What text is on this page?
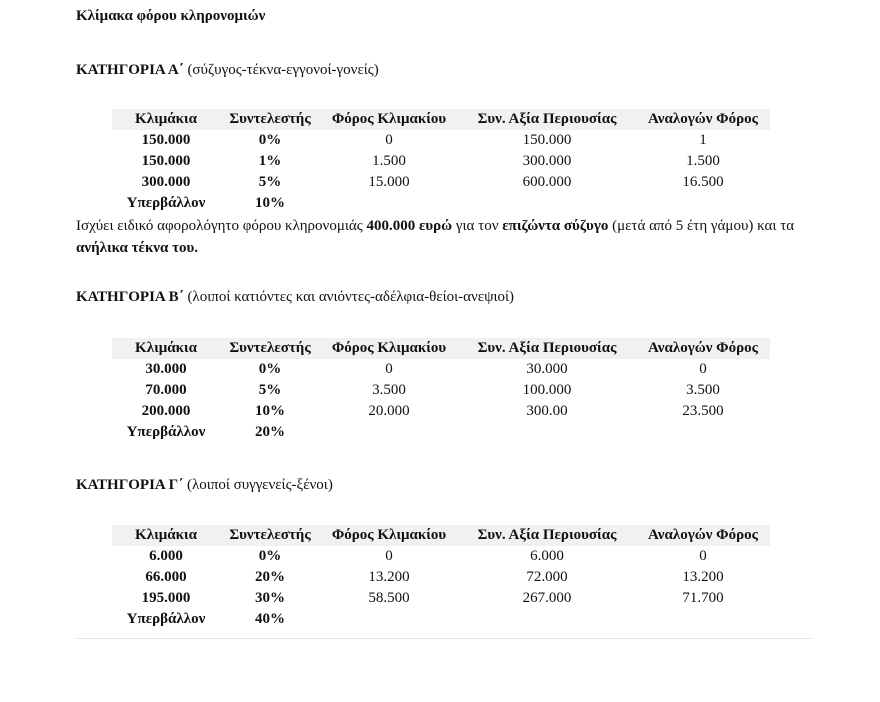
Κλίμακα φόρου κληρονομιών
ΚΑΤΗΓΟΡΙΑ Α΄ (σύζυγος-τέκνα-εγγονοί-γονείς)
Κλιμάκια	Συντελεστής	Φόρος Κλιμακίου	Συν. Αξία Περιουσίας	Αναλογών Φόρος
150.000	0%	0	150.000	1
150.000	1%	1.500	300.000	1.500
300.000	5%	15.000	600.000	16.500
Υπερβάλλον	10%			
Ισχύει ειδικό αφορολόγητο φόρου κληρονομιάς 400.000 ευρώ για τον επιζώντα σύζυγο (μετά από 5 έτη γάμου) και τα ανήλικα τέκνα του.
ΚΑΤΗΓΟΡΙΑ Β΄ (λοιποί κατιόντες και ανιόντες-αδέλφια-θείοι-ανεψιοί)
Κλιμάκια	Συντελεστής	Φόρος Κλιμακίου	Συν. Αξία Περιουσίας	Αναλογών Φόρος
30.000	0%	0	30.000	0
70.000	5%	3.500	100.000	3.500
200.000	10%	20.000	300.00	23.500
Υπερβάλλον	20%			
ΚΑΤΗΓΟΡΙΑ Γ΄ (λοιποί συγγενείς-ξένοι)
Κλιμάκια	Συντελεστής	Φόρος Κλιμακίου	Συν. Αξία Περιουσίας	Αναλογών Φόρος
6.000	0%	0	6.000	0
66.000	20%	13.200	72.000	13.200
195.000	30%	58.500	267.000	71.700
Υπερβάλλον	40%			
